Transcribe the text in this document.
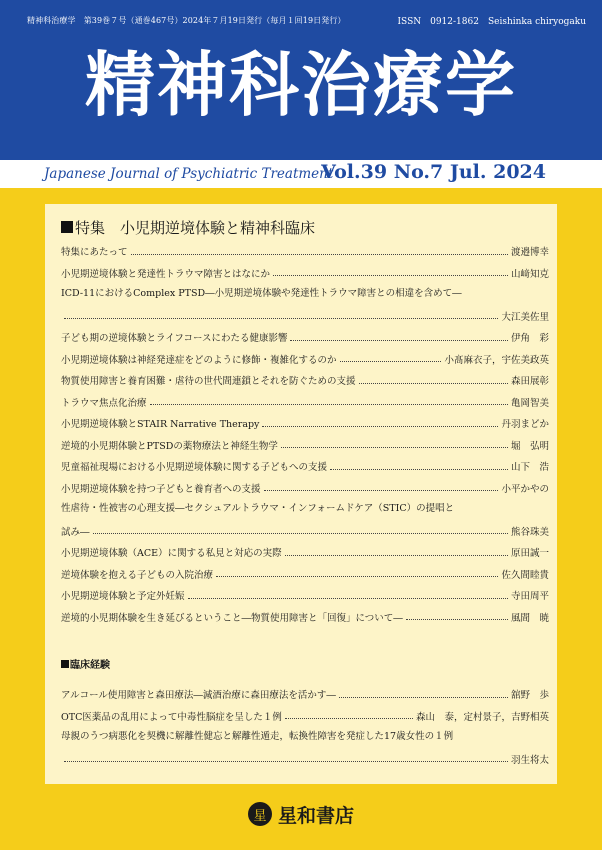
精神科治療学　第39巻７号（通巻467号）2024年７月19日発行（毎月１回19日発行）	ISSN　0912-1862　Seishinka chiryogaku
精神科治療学
Japanese Journal of Psychiatric Treatment
Vol.39 No.7 Jul. 2024
特集　小児期逆境体験と精神科臨床
特集にあたって	渡邉博幸
小児期逆境体験と発達性トラウマ障害とはなにか	山﨑知克
ICD-11におけるComplex PTSD―小児期逆境体験や発達性トラウマ障害との相違を含めて―
大江美佐里
子ども期の逆境体験とライフコースにわたる健康影響	伊角　彩
小児期逆境体験は神経発達症をどのように修飾・複雑化するのか	小髙麻衣子，宇佐美政英
物質使用障害と養育困難・虐待の世代間連鎖とそれを防ぐための支援	森田展彰
トラウマ焦点化治療	亀岡智美
小児期逆境体験とSTAIR Narrative Therapy	丹羽まどか
逆境的小児期体験とPTSDの薬物療法と神経生物学	堀　弘明
児童福祉現場における小児期逆境体験に関する子どもへの支援	山下　浩
小児期逆境体験を持つ子どもと養育者への支援	小平かやの
性虐待・性被害の心理支援―セクシュアルトラウマ・インフォームドケア（STIC）の提唱と
試み―	熊谷珠美
小児期逆境体験（ACE）に関する私見と対応の実際	原田誠一
逆境体験を抱える子どもの入院治療	佐久間睦貴
小児期逆境体験と予定外妊娠	寺田周平
逆境的小児期体験を生き延びるということ―物質使用障害と「回復」について―	風間　暁
臨床経験
アルコール使用障害と森田療法―減酒治療に森田療法を活かす―	舘野　歩
OTC医薬品の乱用によって中毒性脳症を呈した１例	森山　泰，定村景子，吉野相英
母親のうつ病悪化を契機に解離性健忘と解離性遁走，転換性障害を発症した17歳女性の１例
羽生将太
星 星和書店
